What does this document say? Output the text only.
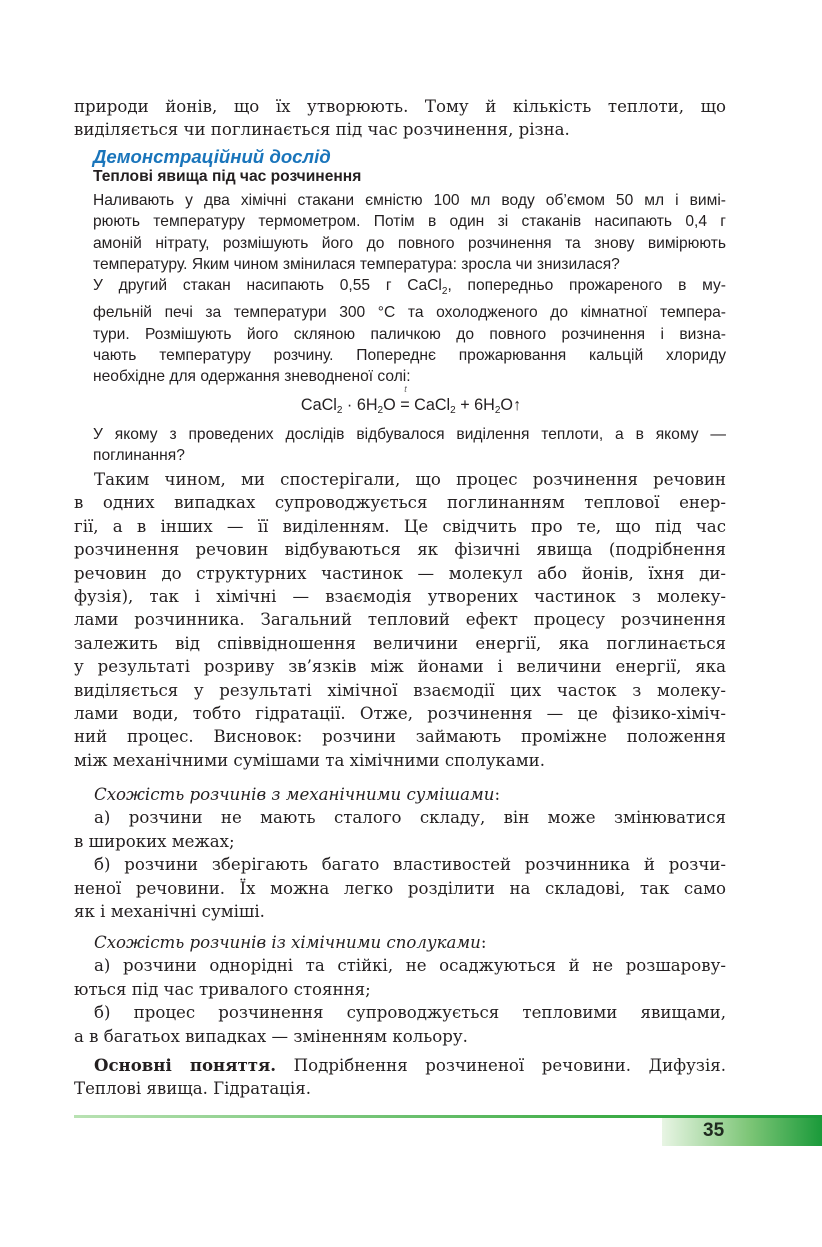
природи йонів, що їх утворюють. Тому й кількість теплоти, що
виділяється чи поглинається під час розчинення, різна.

Демонстраційний дослід
Теплові явища під час розчинення

Наливають у два хімічні стакани ємністю 100 мл воду об’ємом 50 мл і вимі-
рюють температуру термометром. Потім в один зі стаканів насипають 0,4 г
амоній нітрату, розмішують його до повного розчинення та знову вимірюють
температуру. Яким чином змінилася температура: зросла чи знизилася?

У другий стакан насипають 0,55 г CaCl$_2$, попередньо прожареного в му-
фельній печі за температури 300 °C та охолодженого до кімнатної темпера-
тури. Розмішують його скляною паличкою до повного розчинення і визна-
чають температуру розчину. Попереднє прожарювання кальцій хлориду
необхідне для одержання зневодненої солі:

CaCl$_2$ · $6H_2O$
t
= CaCl$_2$ + $6H_2O↑$

У якому з проведених дослідів відбувалося виділення теплоти, а в якому —
поглинання?

Таким чином, ми спостерігали, що процес розчинення речовин
в одних випадках супроводжується поглинанням теплової енер-
гії, а в інших — її виділенням. Це свідчить про те, що під час
розчинення речовин відбуваються як фізичні явища (подрібнення
речовин до структурних частинок — молекул або йонів, їхня ди-
фузія), так і хімічні — взаємодія утворених частинок з молеку-
лами розчинника. Загальний тепловий ефект процесу розчинення
залежить від співвідношення величини енергії, яка поглинається
у результаті розриву зв’язків між йонами і величини енергії, яка
виділяється у результаті хімічної взаємодії цих часток з молеку-
лами води, тобто гідратації. Отже, розчинення — це фізико-хіміч-
ний процес. Висновок: розчини займають проміжне положення
між механічними сумішами та хімічними сполуками.

Схожість розчинів з механічними сумішами:
а) розчини не мають сталого складу, він може змінюватися
в широких межах;
б) розчини зберігають багато властивостей розчинника й розчи-
неної речовини. Їх можна легко розділити на складові, так само
як і механічні суміші.

Схожість розчинів із хімічними сполуками:
а) розчини однорідні та стійкі, не осаджуються й не розшарову-
ються під час тривалого стояння;
б) процес розчинення супроводжується тепловими явищами,
а в багатьох випадках — зміненням кольору.

Основні поняття. Подрібнення розчиненої речовини. Дифузія.
Теплові явища. Гідратація.

35
